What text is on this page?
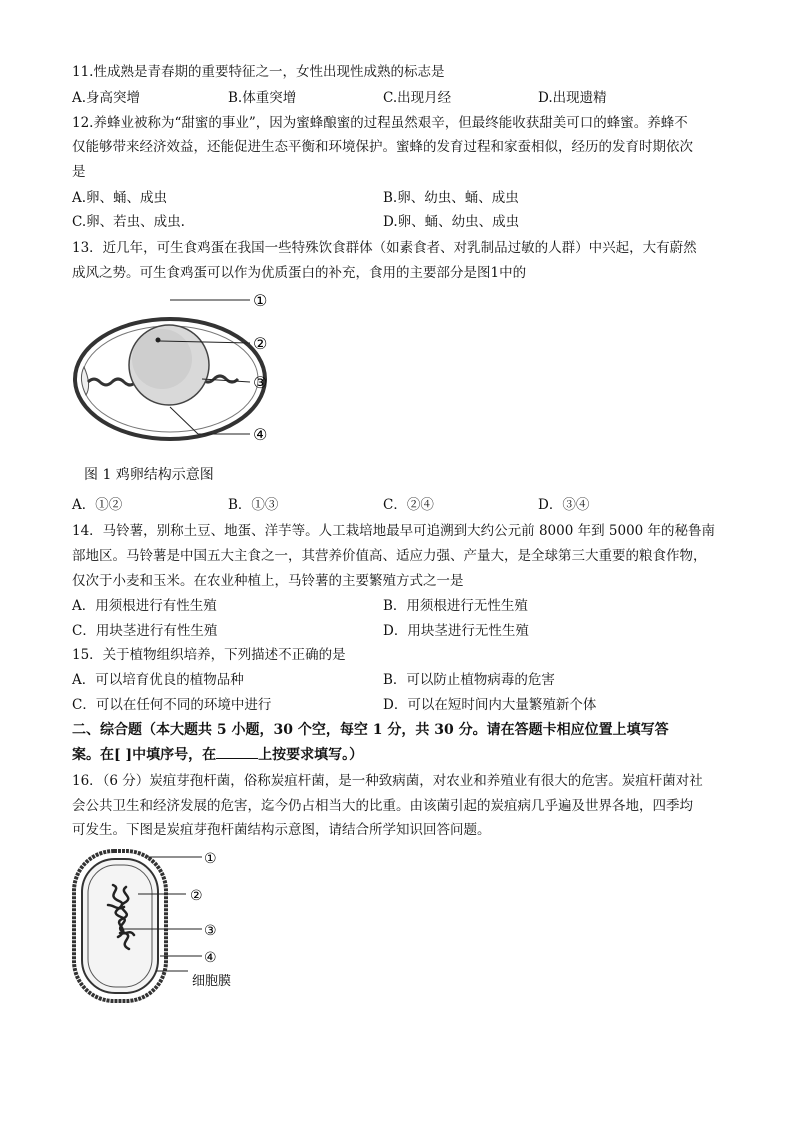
11.性成熟是青春期的重要特征之一，女性出现性成熟的标志是
A.身高突增	B.体重突增	C.出现月经	D.出现遗精
12.养蜂业被称为“甜蜜的事业”，因为蜜蜂酿蜜的过程虽然艰辛，但最终能收获甜美可口的蜂蜜。养蜂不
仅能够带来经济效益，还能促进生态平衡和环境保护。蜜蜂的发育过程和家蚕相似，经历的发育时期依次
是
A.卵、蛹、成虫	B.卵、幼虫、蛹、成虫
C.卵、若虫、成虫.	D.卵、蛹、幼虫、成虫
13．近几年，可生食鸡蛋在我国一些特殊饮食群体（如素食者、对乳制品过敏的人群）中兴起，大有蔚然
成风之势。可生食鸡蛋可以作为优质蛋白的补充，食用的主要部分是图1中的
①
②
③
④
图 1 鸡卵结构示意图
A．①②	B．①③	C．②④	D．③④
14．马铃薯，别称土豆、地蛋、洋芋等。人工栽培地最早可追溯到大约公元前 8000 年到 5000 年的秘鲁南
部地区。马铃薯是中国五大主食之一，其营养价值高、适应力强、产量大，是全球第三大重要的粮食作物，
仅次于小麦和玉米。在农业种植上，马铃薯的主要繁殖方式之一是
A．用须根进行有性生殖	B．用须根进行无性生殖
C．用块茎进行有性生殖	D．用块茎进行无性生殖
15．关于植物组织培养，下列描述不正确的是
A．可以培育优良的植物品种	B．可以防止植物病毒的危害
C．可以在任何不同的环境中进行	D．可以在短时间内大量繁殖新个体
二、综合题（本大题共 5 小题，30 个空，每空 1 分，共 30 分。请在答题卡相应位置上填写答
案。在[ ]中填序号，在	上按要求填写。）
16．（6 分）炭疽芽孢杆菌，俗称炭疽杆菌，是一种致病菌，对农业和养殖业有很大的危害。炭疽杆菌对社
会公共卫生和经济发展的危害，迄今仍占相当大的比重。由该菌引起的炭疽病几乎遍及世界各地，四季均
可发生。下图是炭疽芽孢杆菌结构示意图，请结合所学知识回答问题。
①
②
③
④
细胞膜
